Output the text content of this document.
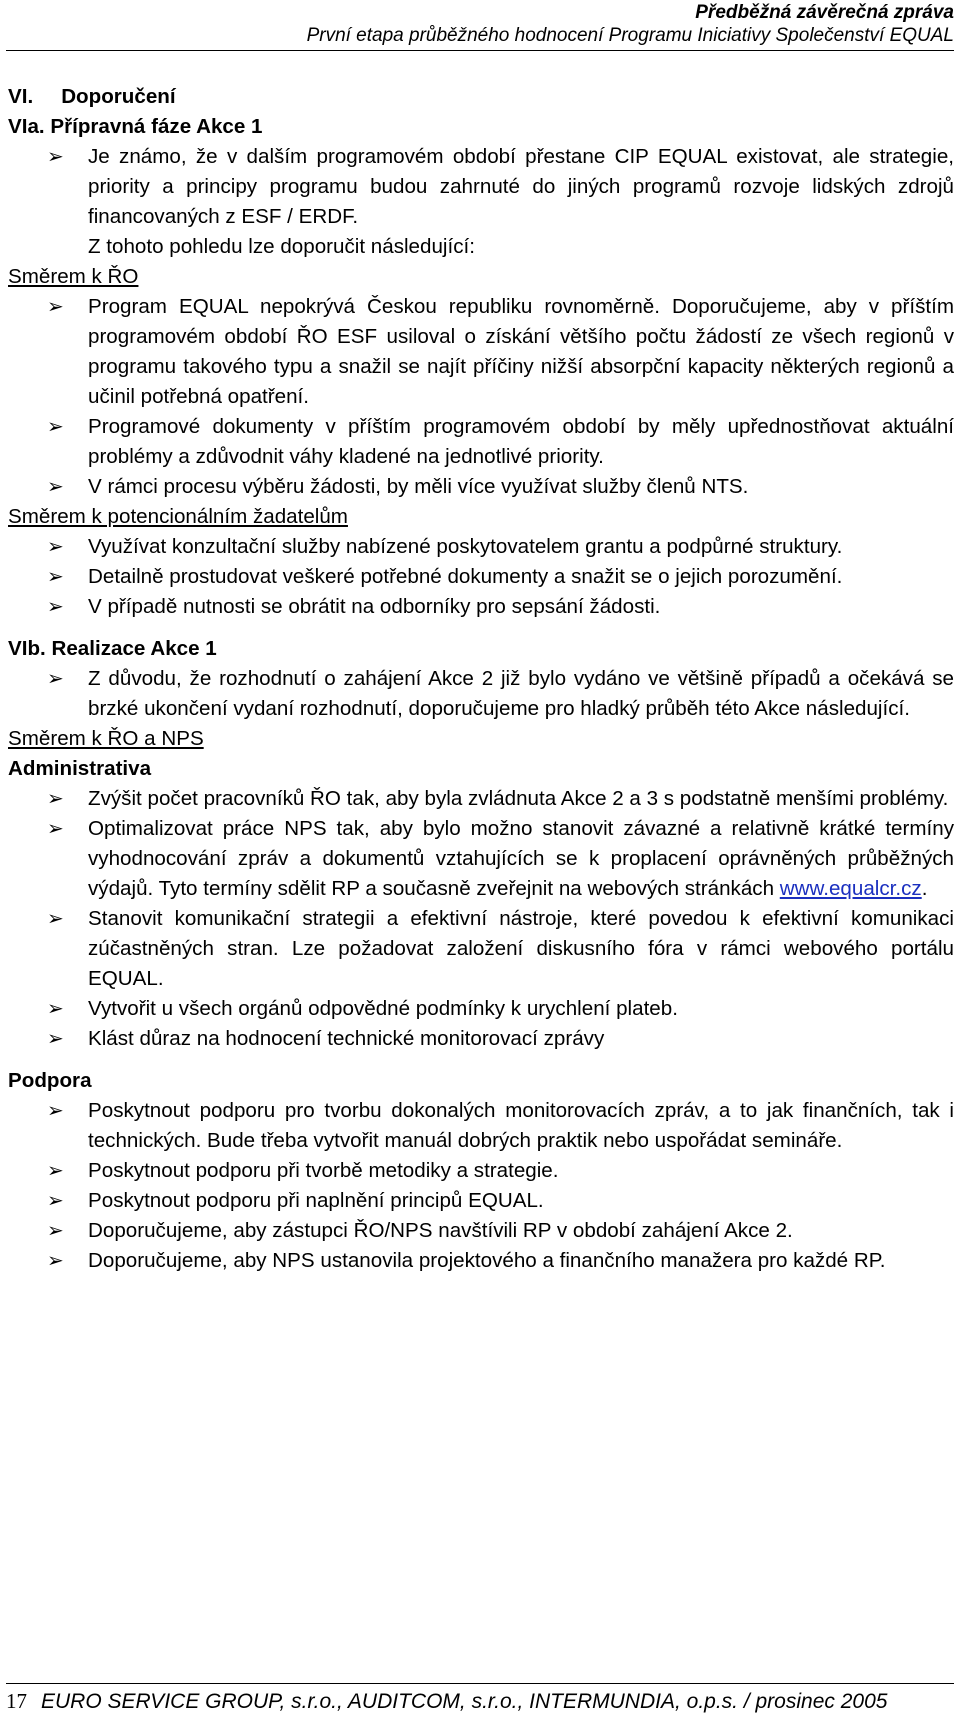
Předběžná závěrečná zpráva
První etapa průběžného hodnocení Programu Iniciativy Společenství EQUAL
VI. Doporučení
VIa. Přípravná fáze Akce 1
➢ Je známo, že v dalším programovém období přestane CIP EQUAL existovat, ale strategie, priority a principy programu budou zahrnuté do jiných programů rozvoje lidských zdrojů financovaných z ESF / ERDF.
Z tohoto pohledu lze doporučit následující:
Směrem k ŘO
➢ Program EQUAL nepokrývá Českou republiku rovnoměrně. Doporučujeme, aby v příštím programovém období ŘO ESF usiloval o získání většího počtu žádostí ze všech regionů v programu takového typu a snažil se najít příčiny nižší absorpční kapacity některých regionů a učinil potřebná opatření.
➢ Programové dokumenty v příštím programovém období by měly upřednostňovat aktuální problémy a zdůvodnit váhy kladené na jednotlivé priority.
➢ V rámci procesu výběru žádosti, by měli více využívat služby členů NTS.
Směrem k potencionálním žadatelům
➢ Využívat konzultační služby nabízené poskytovatelem grantu a podpůrné struktury.
➢ Detailně prostudovat veškeré potřebné dokumenty a snažit se o jejich porozumění.
➢ V případě nutnosti se obrátit na odborníky pro sepsání žádosti.
VIb. Realizace Akce 1
➢ Z důvodu, že rozhodnutí o zahájení Akce 2 již bylo vydáno ve většině případů a očekává se brzké ukončení vydaní rozhodnutí, doporučujeme pro hladký průběh této Akce následující.
Směrem k ŘO a NPS
Administrativa
➢ Zvýšit počet pracovníků ŘO tak, aby byla zvládnuta Akce 2 a 3 s podstatně menšími problémy.
➢ Optimalizovat práce NPS tak, aby bylo možno stanovit závazné a relativně krátké termíny vyhodnocování zpráv a dokumentů vztahujících se k proplacení oprávněných průběžných výdajů. Tyto termíny sdělit RP a současně zveřejnit na webových stránkách www.equalcr.cz.
➢ Stanovit komunikační strategii a efektivní nástroje, které povedou k efektivní komunikaci zúčastněných stran. Lze požadovat založení diskusního fóra v rámci webového portálu EQUAL.
➢ Vytvořit u všech orgánů odpovědné podmínky k urychlení plateb.
➢ Klást důraz na hodnocení technické monitorovací zprávy
Podpora
➢ Poskytnout podporu pro tvorbu dokonalých monitorovacích zpráv, a to jak finančních, tak i technických. Bude třeba vytvořit manuál dobrých praktik nebo uspořádat semináře.
➢ Poskytnout podporu při tvorbě metodiky a strategie.
➢ Poskytnout podporu při naplnění principů EQUAL.
➢ Doporučujeme, aby zástupci ŘO/NPS navštívili RP v období zahájení Akce 2.
➢ Doporučujeme, aby NPS ustanovila projektového a finančního manažera pro každé RP.
17 EURO SERVICE GROUP, s.r.o., AUDITCOM, s.r.o., INTERMUNDIA, o.p.s. / prosinec 2005
